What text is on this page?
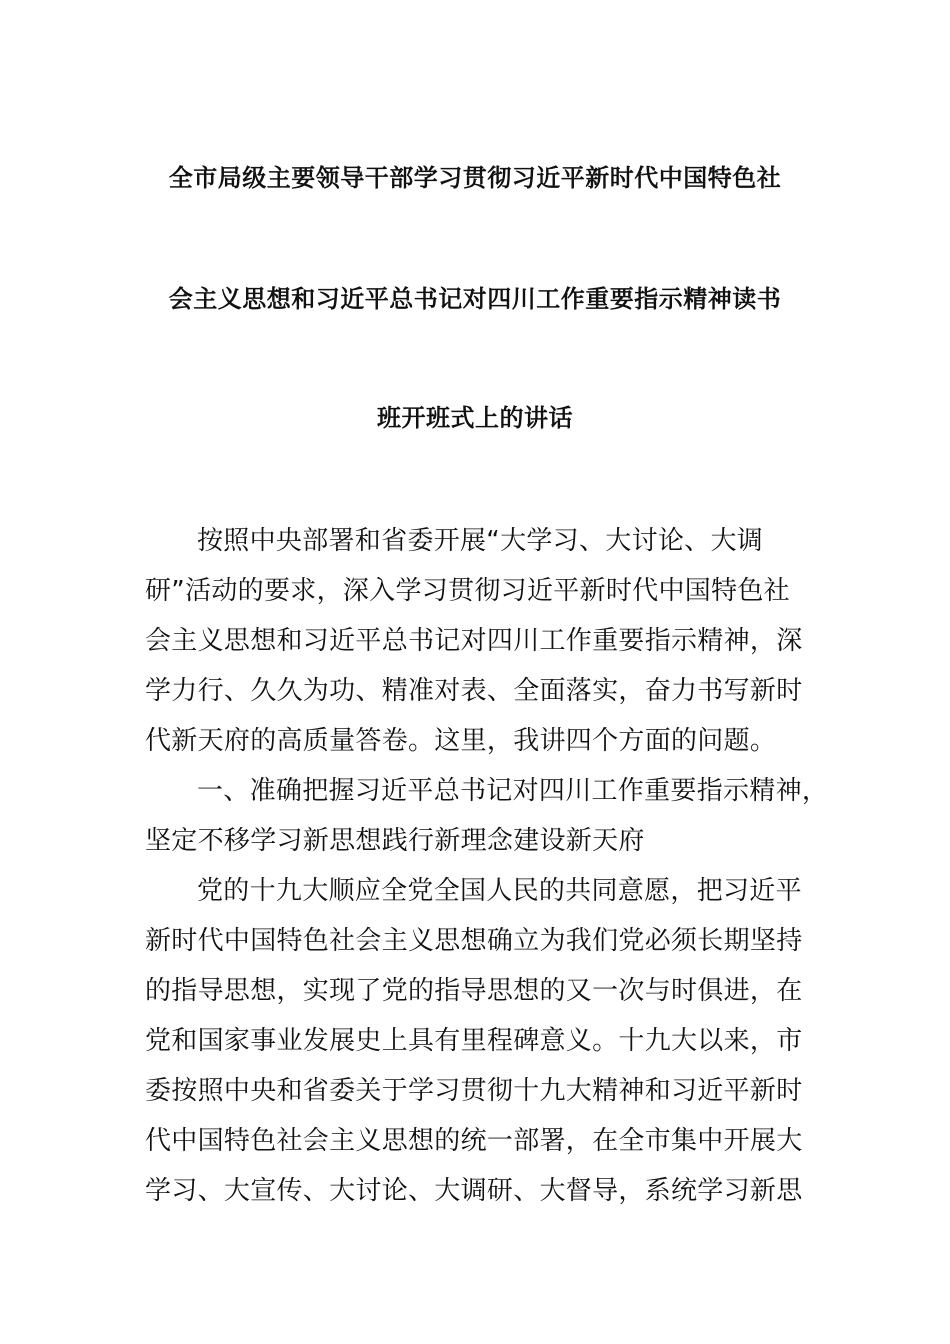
全市局级主要领导干部学习贯彻习近平新时代中国特色社
会主义思想和习近平总书记对四川工作重要指示精神读书
班开班式上的讲话
按照中央部署和省委开展“大学习、大讨论、大调
研”活动的要求，深入学习贯彻习近平新时代中国特色社
会主义思想和习近平总书记对四川工作重要指示精神，深
学力行、久久为功、精准对表、全面落实，奋力书写新时
代新天府的高质量答卷。这里，我讲四个方面的问题。
一、准确把握习近平总书记对四川工作重要指示精神，
坚定不移学习新思想践行新理念建设新天府
党的十九大顺应全党全国人民的共同意愿，把习近平
新时代中国特色社会主义思想确立为我们党必须长期坚持
的指导思想，实现了党的指导思想的又一次与时俱进，在
党和国家事业发展史上具有里程碑意义。十九大以来，市
委按照中央和省委关于学习贯彻十九大精神和习近平新时
代中国特色社会主义思想的统一部署，在全市集中开展大
学习、大宣传、大讨论、大调研、大督导，系统学习新思
